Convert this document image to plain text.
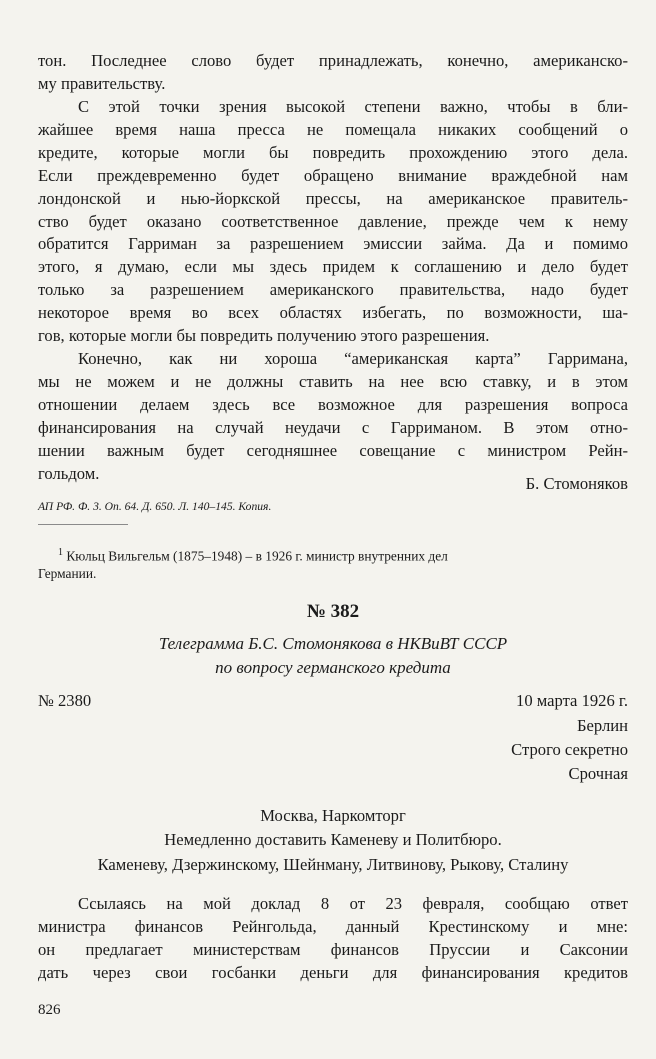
тон. Последнее слово будет принадлежать, конечно, американско-
му правительству.
С этой точки зрения высокой степени важно, чтобы в бли-
жайшее время наша пресса не помещала никаких сообщений о
кредите, которые могли бы повредить прохождению этого дела.
Если преждевременно будет обращено внимание враждебной нам
лондонской и нью-йоркской прессы, на американское правитель-
ство будет оказано соответственное давление, прежде чем к нему
обратится Гарриман за разрешением эмиссии займа. Да и помимо
этого, я думаю, если мы здесь придем к соглашению и дело будет
только за разрешением американского правительства, надо будет
некоторое время во всех областях избегать, по возможности, ша-
гов, которые могли бы повредить получению этого разрешения.
Конечно, как ни хороша “американская карта” Гарримана,
мы не можем и не должны ставить на нее всю ставку, и в этом
отношении делаем здесь все возможное для разрешения вопроса
финансирования на случай неудачи с Гарриманом. В этом отно-
шении важным будет сегодняшнее совещание с министром Рейн-
гольдом.
Б. Стомоняков
АП РФ. Ф. 3. Оп. 64. Д. 650. Л. 140–145. Копия.
$^1$ Кюльц Вильгельм (1875–1948) – в 1926 г. министр внутренних дел
Германии.
№ 382
Телеграмма Б.С. Стомонякова в НКВиВТ СССР
по вопросу германского кредита
№ 2380	10 марта 1926 г.
Берлин
Строго секретно
Срочная
Москва, Наркомторг
Немедленно доставить Каменеву и Политбюро.
Каменеву, Дзержинскому, Шейнману, Литвинову, Рыкову, Сталину
Ссылаясь на мой доклад 8 от 23 февраля, сообщаю ответ
министра финансов Рейнгольда, данный Крестинскому и мне:
он предлагает министерствам финансов Пруссии и Саксонии
дать через свои госбанки деньги для финансирования кредитов
826
